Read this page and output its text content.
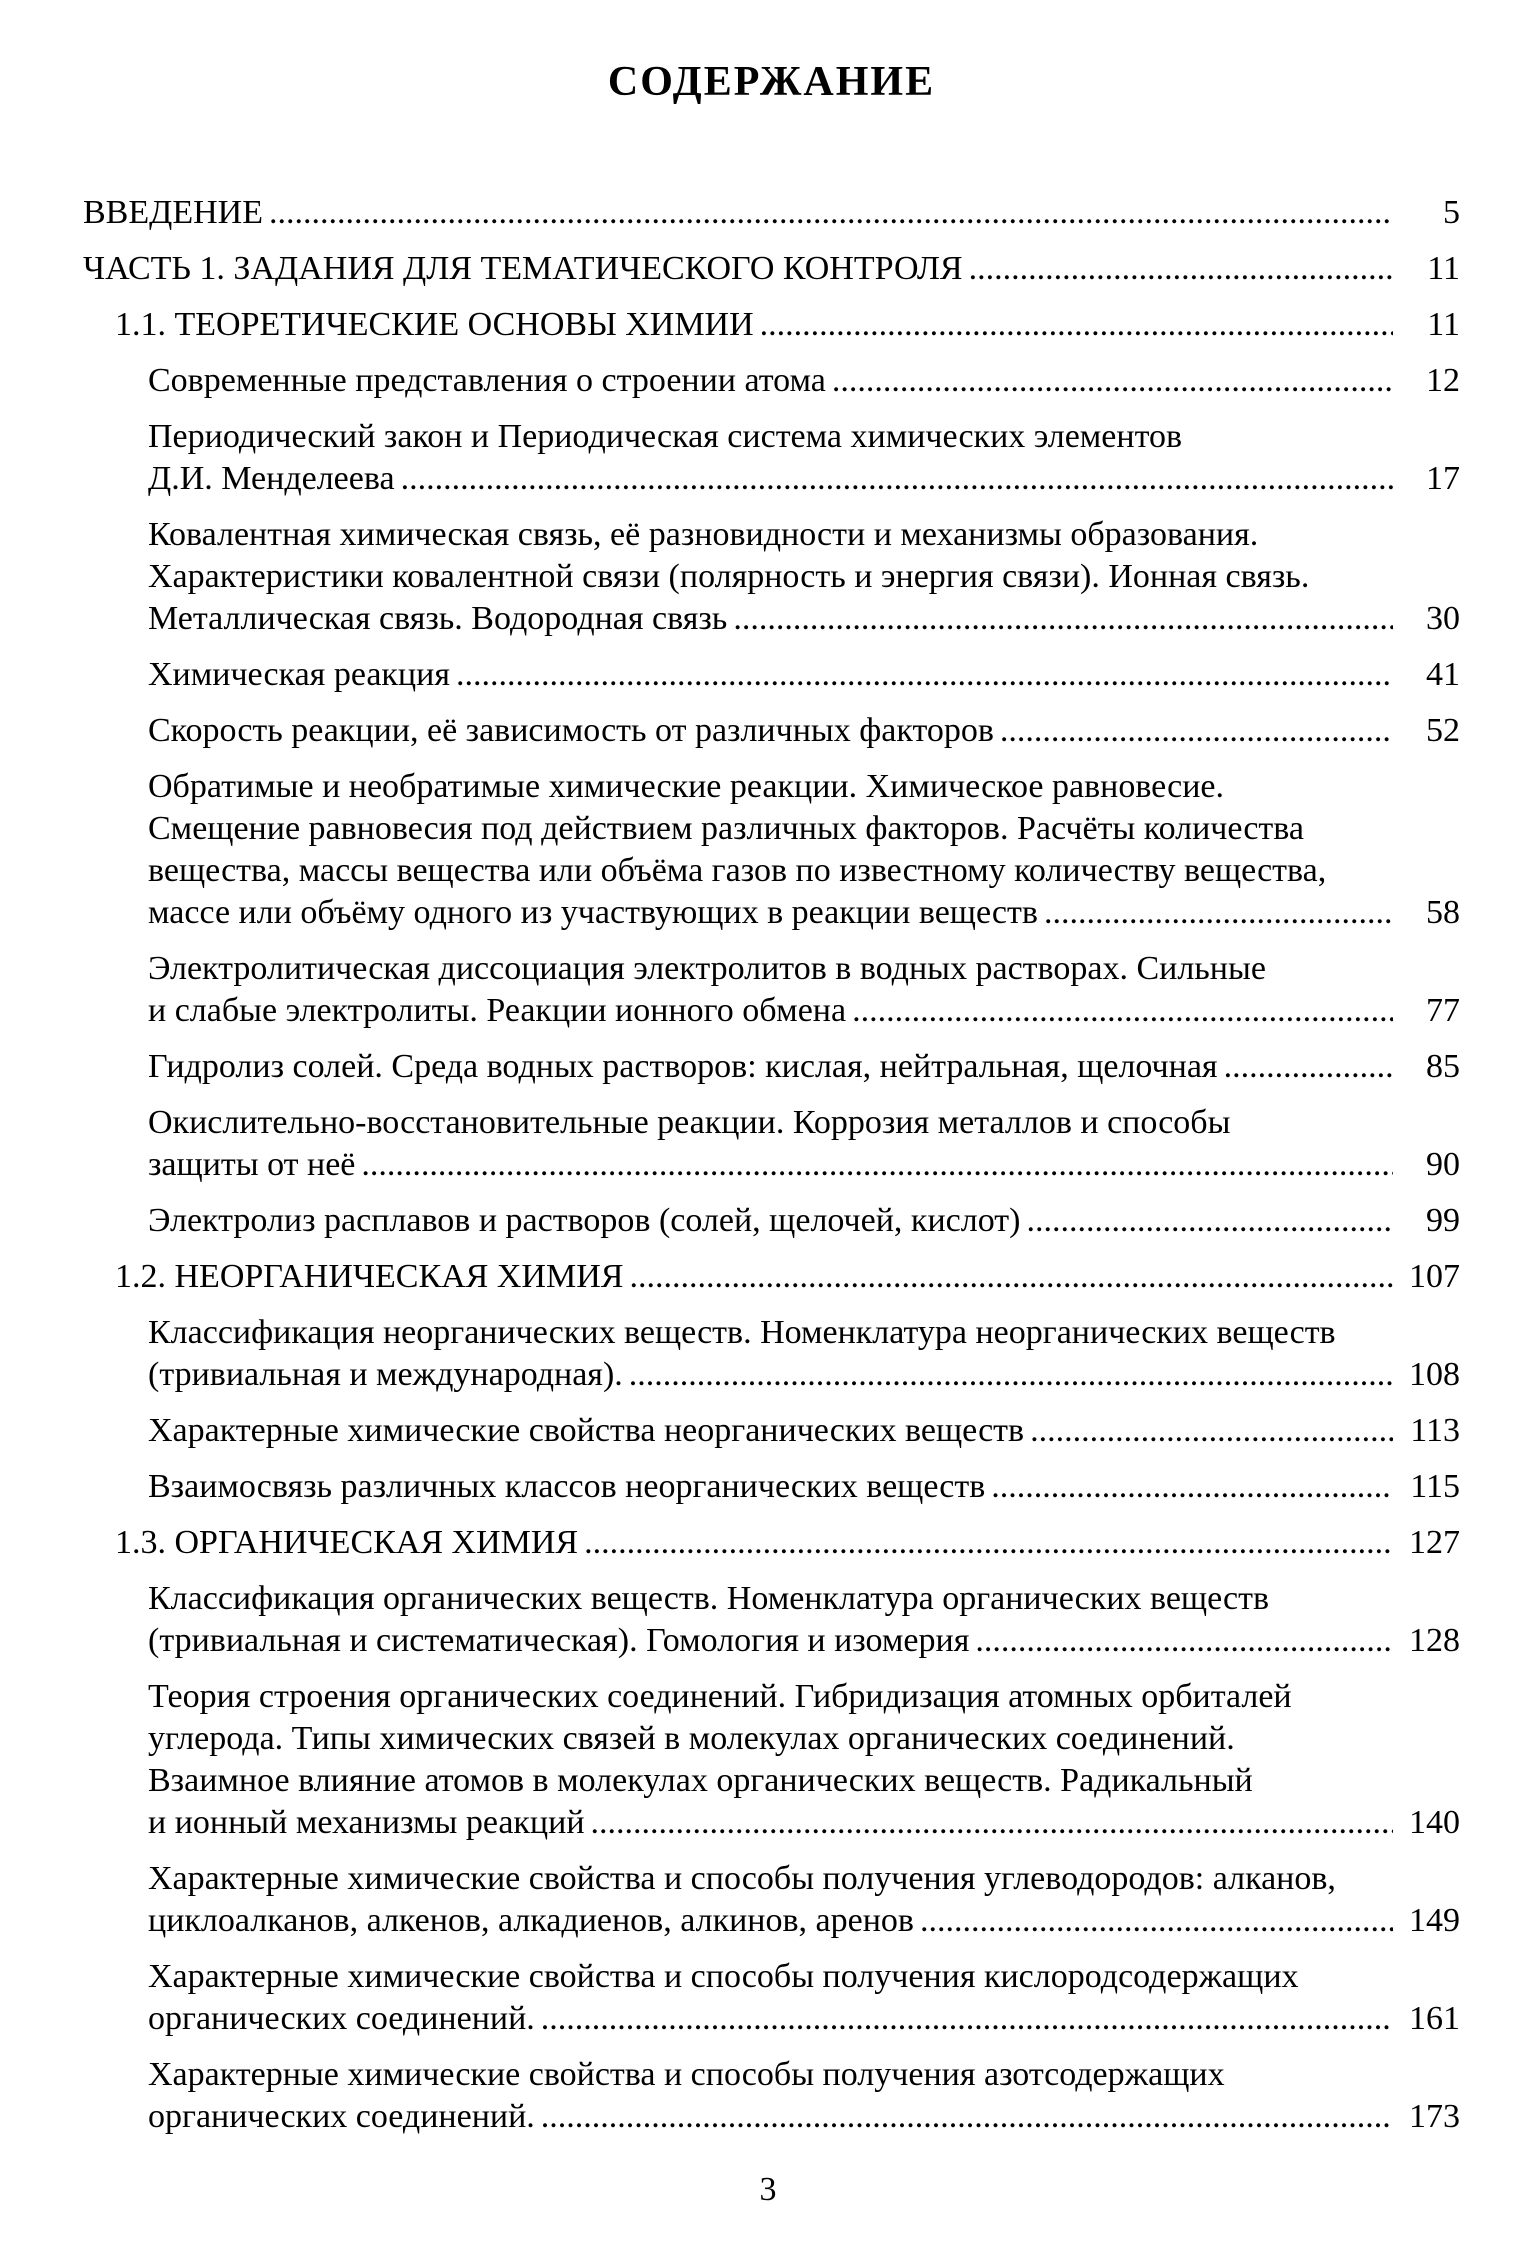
СОДЕРЖАНИЕ
ВВЕДЕНИЕ .....	5
ЧАСТЬ 1. ЗАДАНИЯ ДЛЯ ТЕМАТИЧЕСКОГО КОНТРОЛЯ .....	11
1.1. ТЕОРЕТИЧЕСКИЕ ОСНОВЫ ХИМИИ .....	11
Современные представления о строении атома .....	12
Периодический закон и Периодическая система химических элементов
Д.И. Менделеева .....	17
Ковалентная химическая связь, её разновидности и механизмы образования.
Характеристики ковалентной связи (полярность и энергия связи). Ионная связь.
Металлическая связь. Водородная связь .....	30
Химическая реакция .....	41
Скорость реакции, её зависимость от различных факторов .....	52
Обратимые и необратимые химические реакции. Химическое равновесие.
Смещение равновесия под действием различных факторов. Расчёты количества
вещества, массы вещества или объёма газов по известному количеству вещества,
массе или объёму одного из участвующих в реакции веществ .....	58
Электролитическая диссоциация электролитов в водных растворах. Сильные
и слабые электролиты. Реакции ионного обмена .....	77
Гидролиз солей. Среда водных растворов: кислая, нейтральная, щелочная .....	85
Окислительно-восстановительные реакции. Коррозия металлов и способы
защиты от неё .....	90
Электролиз расплавов и растворов (солей, щелочей, кислот) .....	99
1.2. НЕОРГАНИЧЕСКАЯ ХИМИЯ .....	107
Классификация неорганических веществ. Номенклатура неорганических веществ
(тривиальная и международная). .....	108
Характерные химические свойства неорганических веществ .....	113
Взаимосвязь различных классов неорганических веществ .....	115
1.3. ОРГАНИЧЕСКАЯ ХИМИЯ .....	127
Классификация органических веществ. Номенклатура органических веществ
(тривиальная и систематическая). Гомология и изомерия .....	128
Теория строения органических соединений. Гибридизация атомных орбиталей
углерода. Типы химических связей в молекулах органических соединений.
Взаимное влияние атомов в молекулах органических веществ. Радикальный
и ионный механизмы реакций .....	140
Характерные химические свойства и способы получения углеводородов: алканов,
циклоалканов, алкенов, алкадиенов, алкинов, аренов .....	149
Характерные химические свойства и способы получения кислородсодержащих
органических соединений. .....	161
Характерные химические свойства и способы получения азотсодержащих
органических соединений. .....	173
3
